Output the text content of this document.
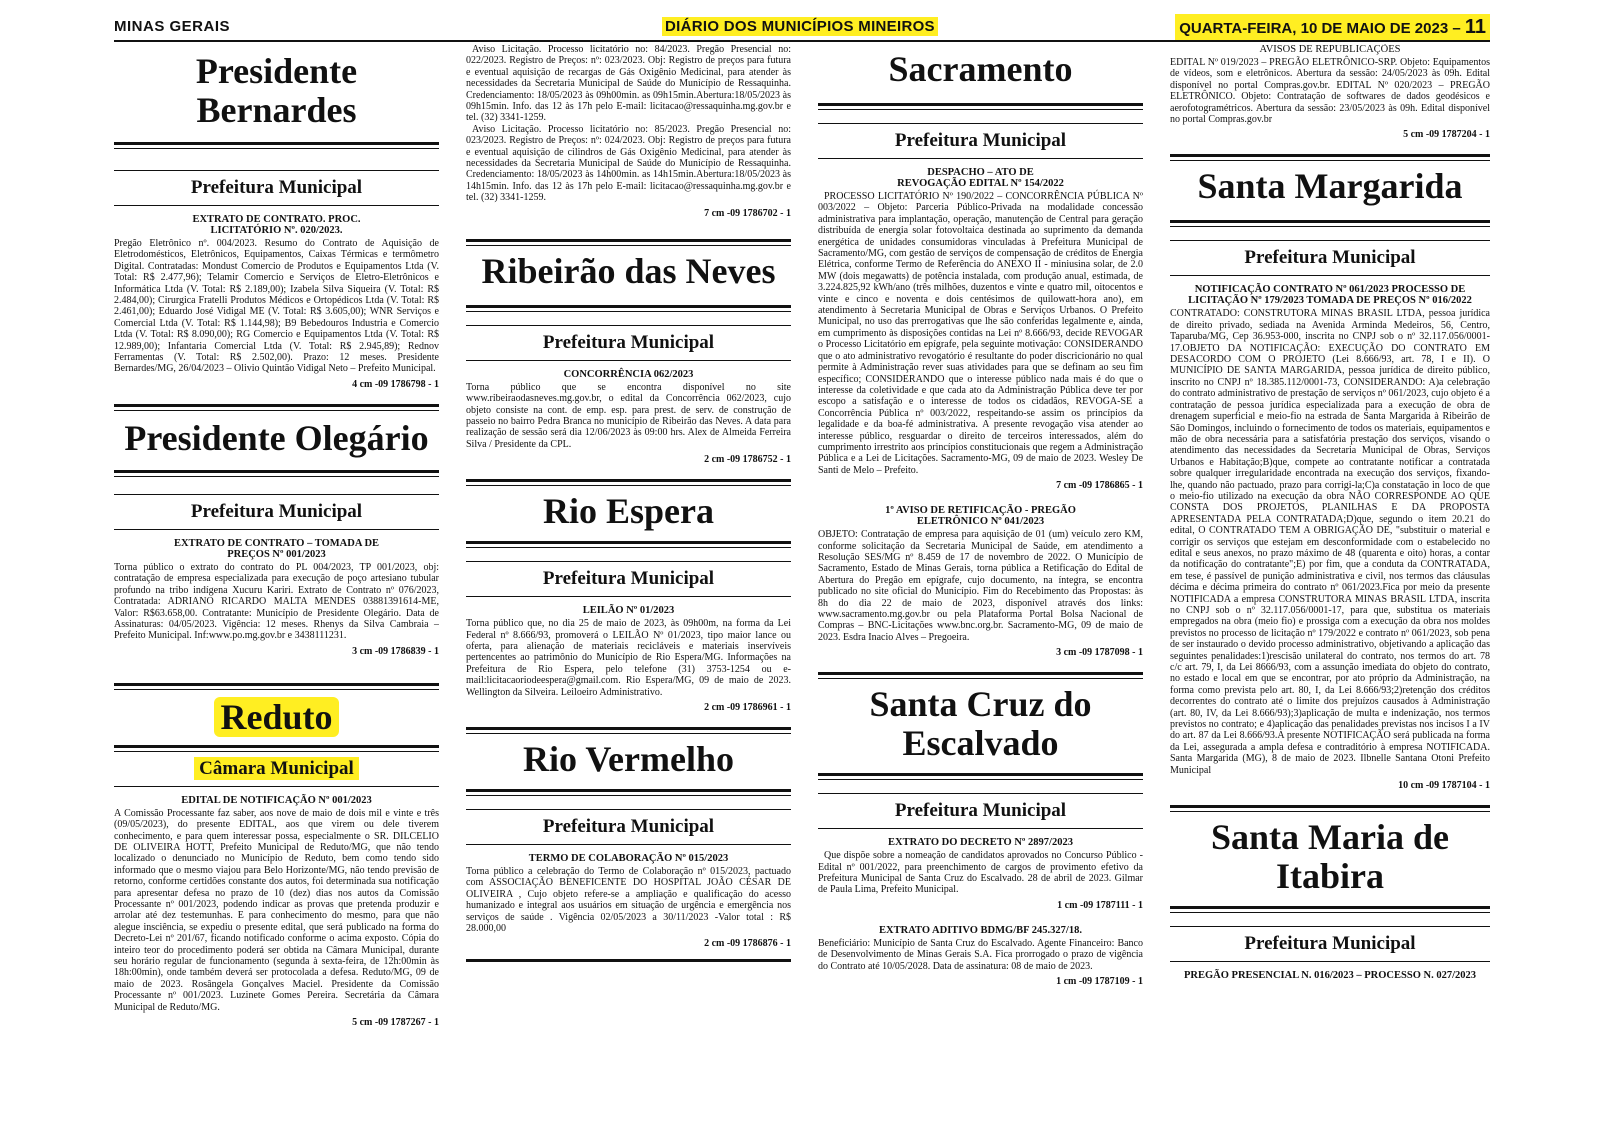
MINAS GERAIS	DIÁRIO DOS MUNICÍPIOS MINEIROS	QUARTA-FEIRA, 10 DE MAIO DE 2023 – 11
Presidente Bernardes
Prefeitura Municipal
EXTRATO DE CONTRATO. PROC. LICITATÓRIO Nº. 020/2023.

Pregão Eletrônico nº. 004/2023. Resumo do Contrato de Aquisição de Eletrodomésticos, Eletrônicos, Equipamentos, Caixas Térmicas e termômetro Digital. Contratadas: Mondust Comercio de Produtos e Equipamentos Ltda (V. Total: R$ 2.477,96); Telamir Comercio e Serviços de Eletro-Eletrônicos e Informática Ltda (V. Total: R$ 2.189,00); Izabela Silva Siqueira (V. Total: R$ 2.484,00); Cirurgica Fratelli Produtos Médicos e Ortopédicos Ltda (V. Total: R$ 2.461,00); Eduardo José Vidigal ME (V. Total: R$ 3.605,00); WNR Serviços e Comercial Ltda (V. Total: R$ 1.144,98); B9 Bebedouros Industria e Comercio Ltda (V. Total: R$ 8.090,00); RG Comercio e Equipamentos Ltda (V. Total: R$ 12.989,00); Infantaria Comercial Ltda (V. Total: R$ 2.945,89); Rednov Ferramentas (V. Total: R$ 2.502,00). Prazo: 12 meses. Presidente Bernardes/MG, 26/04/2023 – Olivio Quintão Vidigal Neto – Prefeito Municipal.

4 cm -09 1786798 - 1
Presidente Olegário
Prefeitura Municipal
EXTRATO DE CONTRATO – TOMADA DE PREÇOS Nº 001/2023

Torna público o extrato do contrato do PL 004/2023, TP 001/2023, obj: contratação de empresa especializada para execução de poço artesiano tubular profundo na tribo indígena Xucuru Kariri. Extrato de Contrato nº 076/2023, Contratada: ADRIANO RICARDO MALTA MENDES 03881391614-ME, Valor: R$63.658,00. Contratante: Município de Presidente Olegário. Data de Assinaturas: 04/05/2023. Vigência: 12 meses. Rhenys da Silva Cambraia – Prefeito Municipal. Inf:www.po.mg.gov.br e 3438111231.

3 cm -09 1786839 - 1
Reduto
Câmara Municipal
EDITAL DE NOTIFICAÇÃO Nº 001/2023

A Comissão Processante faz saber, aos nove de maio de dois mil e vinte e três (09/05/2023), do presente EDITAL, aos que virem ou dele tiverem conhecimento, e para quem interessar possa, especialmente o SR. DILCELIO DE OLIVEIRA HOTT, Prefeito Municipal de Reduto/MG, que não tendo localizado o denunciado no Município de Reduto, bem como tendo sido informado que o mesmo viajou para Belo Horizonte/MG, não tendo previsão de retorno, conforme certidões constante dos autos, foi determinada sua notificação para apresentar defesa no prazo de 10 (dez) dias nos autos da Comissão Processante nº 001/2023, podendo indicar as provas que pretenda produzir e arrolar até dez testemunhas. E para conhecimento do mesmo, para que não alegue insciência, se expediu o presente edital, que será publicado na forma do Decreto-Lei nº 201/67, ficando notificado conforme o acima exposto. Cópia do inteiro teor do procedimento poderá ser obtida na Câmara Municipal, durante seu horário regular de funcionamento (segunda à sexta-feira, de 12h:00min às 18h:00min), onde também deverá ser protocolada a defesa. Reduto/MG, 09 de maio de 2023. Rosângela Gonçalves Maciel. Presidente da Comissão Processante nº 001/2023. Luzinete Gomes Pereira. Secretária da Câmara Municipal de Reduto/MG.

5 cm -09 1787267 - 1

Aviso Licitação. Processo licitatório no: 84/2023. Pregão Presencial no: 022/2023. Registro de Preços: nº: 023/2023. Obj: Registro de preços para futura e eventual aquisição de recargas de Gás Oxigênio Medicinal, para atender às necessidades da Secretaria Municipal de Saúde do Município de Ressaquinha. Credenciamento: 18/05/2023 às 09h00min. as 09h15min.Abertura:18/05/2023 às 09h15min. Info. das 12 às 17h pelo E-mail: licitacao@ressaquinha.mg.gov.br e tel. (32) 3341-1259.

Aviso Licitação. Processo licitatório no: 85/2023. Pregão Presencial no: 023/2023. Registro de Preços: nº: 024/2023. Obj: Registro de preços para futura e eventual aquisição de cilindros de Gás Oxigênio Medicinal, para atender às necessidades da Secretaria Municipal de Saúde do Município de Ressaquinha. Credenciamento: 18/05/2023 às 14h00min. as 14h15min.Abertura:18/05/2023 às 14h15min. Info. das 12 às 17h pelo E-mail: licitacao@ressaquinha.mg.gov.br e tel. (32) 3341-1259.

7 cm -09 1786702 - 1
Ribeirão das Neves
Prefeitura Municipal
CONCORRÊNCIA 062/2023

Torna público que se encontra disponível no site www.ribeiraodasneves.mg.gov.br, o edital da Concorrência 062/2023, cujo objeto consiste na cont. de emp. esp. para prest. de serv. de construção de passeio no bairro Pedra Branca no município de Ribeirão das Neves. A data para realização de sessão será dia 12/06/2023 às 09:00 hrs. Alex de Almeida Ferreira Silva / Presidente da CPL.

2 cm -09 1786752 - 1
Rio Espera
Prefeitura Municipal
LEILÃO Nº 01/2023

Torna público que, no dia 25 de maio de 2023, às 09h00m, na forma da Lei Federal nº 8.666/93, promoverá o LEILÃO Nº 01/2023, tipo maior lance ou oferta, para alienação de materiais recicláveis e materiais inservíveis pertencentes ao patrimônio do Município de Rio Espera/MG. Informações na Prefeitura de Rio Espera, pelo telefone (31) 3753-1254 ou e-mail:licitacaoriodeespera@gmail.com. Rio Espera/MG, 09 de maio de 2023. Wellington da Silveira. Leiloeiro Administrativo.

2 cm -09 1786961 - 1
Rio Vermelho
Prefeitura Municipal
TERMO DE COLABORAÇÃO Nº 015/2023

Torna público a celebração do Termo de Colaboração nº 015/2023, pactuado com ASSOCIAÇÃO BENEFICENTE DO HOSPITAL JOÃO CÉSAR DE OLIVEIRA , Cujo objeto refere-se a ampliação e qualificação do acesso humanizado e integral aos usuários em situação de urgência e emergência nos serviços de saúde . Vigência 02/05/2023 a 30/11/2023 -Valor total : R$ 28.000,00

2 cm -09 1786876 - 1
Sacramento
Prefeitura Municipal
DESPACHO – ATO DE REVOGAÇÃO EDITAL Nº 154/2022

PROCESSO LICITATÓRIO Nº 190/2022 – CONCORRÊNCIA PÚBLICA Nº 003/2022 – Objeto: Parceria Público-Privada na modalidade concessão administrativa para implantação, operação, manutenção de Central para geração distribuída de energia solar fotovoltaica destinada ao suprimento da demanda energética de unidades consumidoras vinculadas à Prefeitura Municipal de Sacramento/MG, com gestão de serviços de compensação de créditos de Energia Elétrica, conforme Termo de Referência do ANEXO II - miniusina solar, de 2.0 MW (dois megawatts) de potência instalada, com produção anual, estimada, de 3.224.825,92 kWh/ano (três milhões, duzentos e vinte e quatro mil, oitocentos e vinte e cinco e noventa e dois centésimos de quilowatt-hora ano), em atendimento à Secretaria Municipal de Obras e Serviços Urbanos. O Prefeito Municipal, no uso das prerrogativas que lhe são conferidas legalmente e, ainda, em cumprimento às disposições contidas na Lei nº 8.666/93, decide REVOGAR o Processo Licitatório em epígrafe, pela seguinte motivação: CONSIDERANDO que o ato administrativo revogatório é resultante do poder discricionário no qual permite à Administração rever suas atividades para que se definam ao seu fim específico; CONSIDERANDO que o interesse público nada mais é do que o interesse da coletividade e que cada ato da Administração Pública deve ter por escopo a satisfação e o interesse de todos os cidadãos, REVOGA-SE a Concorrência Pública nº 003/2022, respeitando-se assim os princípios da legalidade e da boa-fé administrativa. A presente revogação visa atender ao interesse público, resguardar o direito de terceiros interessados, além do cumprimento irrestrito aos princípios constitucionais que regem a Administração Pública e a Lei de Licitações. Sacramento-MG, 09 de maio de 2023. Wesley De Santi de Melo – Prefeito.

7 cm -09 1786865 - 1
1º AVISO DE RETIFICAÇÃO - PREGÃO ELETRÔNICO Nº 041/2023

OBJETO: Contratação de empresa para aquisição de 01 (um) veículo zero KM, conforme solicitação da Secretaria Municipal de Saúde, em atendimento a Resolução SES/MG nº 8.459 de 17 de novembro de 2022. O Município de Sacramento, Estado de Minas Gerais, torna pública a Retificação do Edital de Abertura do Pregão em epígrafe, cujo documento, na íntegra, se encontra publicado no site oficial do Município. Fim do Recebimento das Propostas: às 8h do dia 22 de maio de 2023, disponível através dos links: www.sacramento.mg.gov.br ou pela Plataforma Portal Bolsa Nacional de Compras – BNC-Licitações www.bnc.org.br. Sacramento-MG, 09 de maio de 2023. Esdra Inacio Alves – Pregoeira.

3 cm -09 1787098 - 1
Santa Cruz do Escalvado
Prefeitura Municipal
EXTRATO DO DECRETO Nº 2897/2023

Que dispõe sobre a nomeação de candidatos aprovados no Concurso Público - Edital nº 001/2022, para preenchimento de cargos de provimento efetivo da Prefeitura Municipal de Santa Cruz do Escalvado. 28 de abril de 2023. Gilmar de Paula Lima, Prefeito Municipal.

1 cm -09 1787111 - 1
EXTRATO ADITIVO BDMG/BF 245.327/18.

Beneficiário: Município de Santa Cruz do Escalvado. Agente Financeiro: Banco de Desenvolvimento de Minas Gerais S.A. Fica prorrogado o prazo de vigência do Contrato até 10/05/2028. Data de assinatura: 08 de maio de 2023.

1 cm -09 1787109 - 1
AVISOS DE REPUBLICAÇÕES

EDITAL Nº 019/2023 – PREGÃO ELETRÔNICO-SRP. Objeto: Equipamentos de vídeos, som e eletrônicos. Abertura da sessão: 24/05/2023 às 09h. Edital disponível no portal Compras.gov.br. EDITAL Nº 020/2023 – PREGÃO ELETRÔNICO. Objeto: Contratação de softwares de dados geodésicos e aerofotogramétricos. Abertura da sessão: 23/05/2023 às 09h. Edital disponível no portal Compras.gov.br

5 cm -09 1787204 - 1
Santa Margarida
Prefeitura Municipal
NOTIFICAÇÃO CONTRATO Nº 061/2023 PROCESSO DE LICITAÇÃO Nº 179/2023 TOMADA DE PREÇOS Nº 016/2022

CONTRATADO: CONSTRUTORA MINAS BRASIL LTDA, pessoa jurídica de direito privado, sediada na Avenida Arminda Medeiros, 56, Centro, Taparuba/MG, Cep 36.953-000, inscrita no CNPJ sob o nº 32.117.056/0001-17.OBJETO DA NOTIFICAÇÃO: EXECUÇÃO DO CONTRATO EM DESACORDO COM O PROJETO (Lei 8.666/93, art. 78, I e II). O MUNICÍPIO DE SANTA MARGARIDA, pessoa jurídica de direito público, inscrito no CNPJ nº 18.385.112/0001-73, CONSIDERANDO: A)a celebração do contrato administrativo de prestação de serviços nº 061/2023, cujo objeto é a contratação de pessoa jurídica especializada para a execução de obra de drenagem superficial e meio-fio na estrada de Santa Margarida à Ribeirão de São Domingos, incluindo o fornecimento de todos os materiais, equipamentos e mão de obra necessária para a satisfatória prestação dos serviços, visando o atendimento das necessidades da Secretaria Municipal de Obras, Serviços Urbanos e Habitação;B)que, compete ao contratante notificar a contratada sobre qualquer irregularidade encontrada na execução dos serviços, fixando-lhe, quando não pactuado, prazo para corrigi-la;C)a constatação in loco de que o meio-fio utilizado na execução da obra NÃO CORRESPONDE AO QUE CONSTA DOS PROJETOS, PLANILHAS E DA PROPOSTA APRESENTADA PELA CONTRATADA;D)que, segundo o item 20.21 do edital, O CONTRATADO TEM A OBRIGAÇÃO DE, "substituir o material e corrigir os serviços que estejam em desconformidade com o estabelecido no edital e seus anexos, no prazo máximo de 48 (quarenta e oito) horas, a contar da notificação do contratante";E) por fim, que a conduta da CONTRATADA, em tese, é passível de punição administrativa e civil, nos termos das cláusulas décima e décima primeira do contrato nº 061/2023.Fica por meio da presente NOTIFICADA a empresa CONSTRUTORA MINAS BRASIL LTDA, inscrita no CNPJ sob o nº 32.117.056/0001-17, para que, substitua os materiais empregados na obra (meio fio) e prossiga com a execução da obra nos moldes previstos no processo de licitação nº 179/2022 e contrato nº 061/2023, sob pena de ser instaurado o devido processo administrativo, objetivando a aplicação das seguintes penalidades:1)rescisão unilateral do contrato, nos termos do art. 78 c/c art. 79, I, da Lei 8666/93, com a assunção imediata do objeto do contrato, no estado e local em que se encontrar, por ato próprio da Administração, na forma como prevista pelo art. 80, I, da Lei 8.666/93;2)retenção dos créditos decorrentes do contrato até o limite dos prejuízos causados à Administração (art. 80, IV, da Lei 8.666/93);3)aplicação de multa e indenização, nos termos previstos no contrato; e 4)aplicação das penalidades previstas nos incisos I a IV do art. 87 da Lei 8.666/93.A presente NOTIFICAÇÃO será publicada na forma da Lei, assegurada a ampla defesa e contraditório à empresa NOTIFICADA. Santa Margarida (MG), 8 de maio de 2023. Ilbnelle Santana Otoni Prefeito Municipal

10 cm -09 1787104 - 1
Santa Maria de Itabira
Prefeitura Municipal
PREGÃO PRESENCIAL N. 016/2023 – PROCESSO N. 027/2023
